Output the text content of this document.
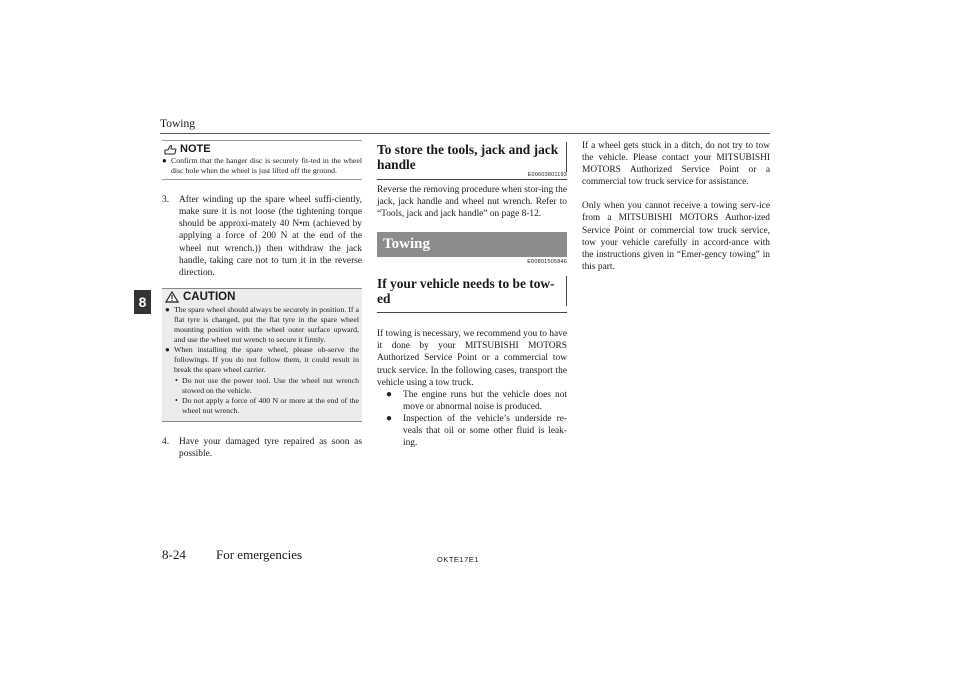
Towing
8
NOTE
● Confirm that the hanger disc is securely fit-ted in the wheel disc hole when the wheel is just lifted off the ground.
3.	After winding up the spare wheel suffi-ciently, make sure it is not loose (the tightening torque should be approxi-mately 40 N•m (achieved by applying a force of 200 N at the end of the wheel nut wrench.)) then withdraw the jack handle, taking care not to turn it in the reverse direction.
CAUTION
● The spare wheel should always be securely in position. If a flat tyre is changed, put the flat tyre in the spare wheel mounting position with the wheel outer surface upward, and use the wheel nut wrench to secure it firmly.
● When installing the spare wheel, please ob-serve the followings. If you do not follow them, it could result in break the spare wheel carrier.
• Do not use the power tool. Use the wheel nut wrench stowed on the vehicle.
• Do not apply a force of 400 N or more at the end of the wheel nut wrench.
4.	Have your damaged tyre repaired as soon as possible.
To store the tools, jack and jack handle
E00603801193

Reverse the removing procedure when stor-ing the jack, jack handle and wheel nut wrench. Refer to “Tools, jack and jack handle” on page 8-12.

Towing
E00801505846
If your vehicle needs to be tow-ed

If towing is necessary, we recommend you to have it done by your MITSUBISHI MOTORS Authorized Service Point or a commercial tow truck service. In the following cases, transport the vehicle using a tow truck.

●	The engine runs but the vehicle does not move or abnormal noise is produced.
●	Inspection of the vehicle’s underside re-veals that oil or some other fluid is leak-ing.

If a wheel gets stuck in a ditch, do not try to tow the vehicle. Please contact your MITSUBISHI MOTORS Authorized Service Point or a commercial tow truck service for assistance.

Only when you cannot receive a towing serv-ice from a MITSUBISHI MOTORS Author-ized Service Point or commercial tow truck service, tow your vehicle carefully in accord-ance with the instructions given in “Emer-gency towing” in this part.

8-24 For emergencies	OKTE17E1
